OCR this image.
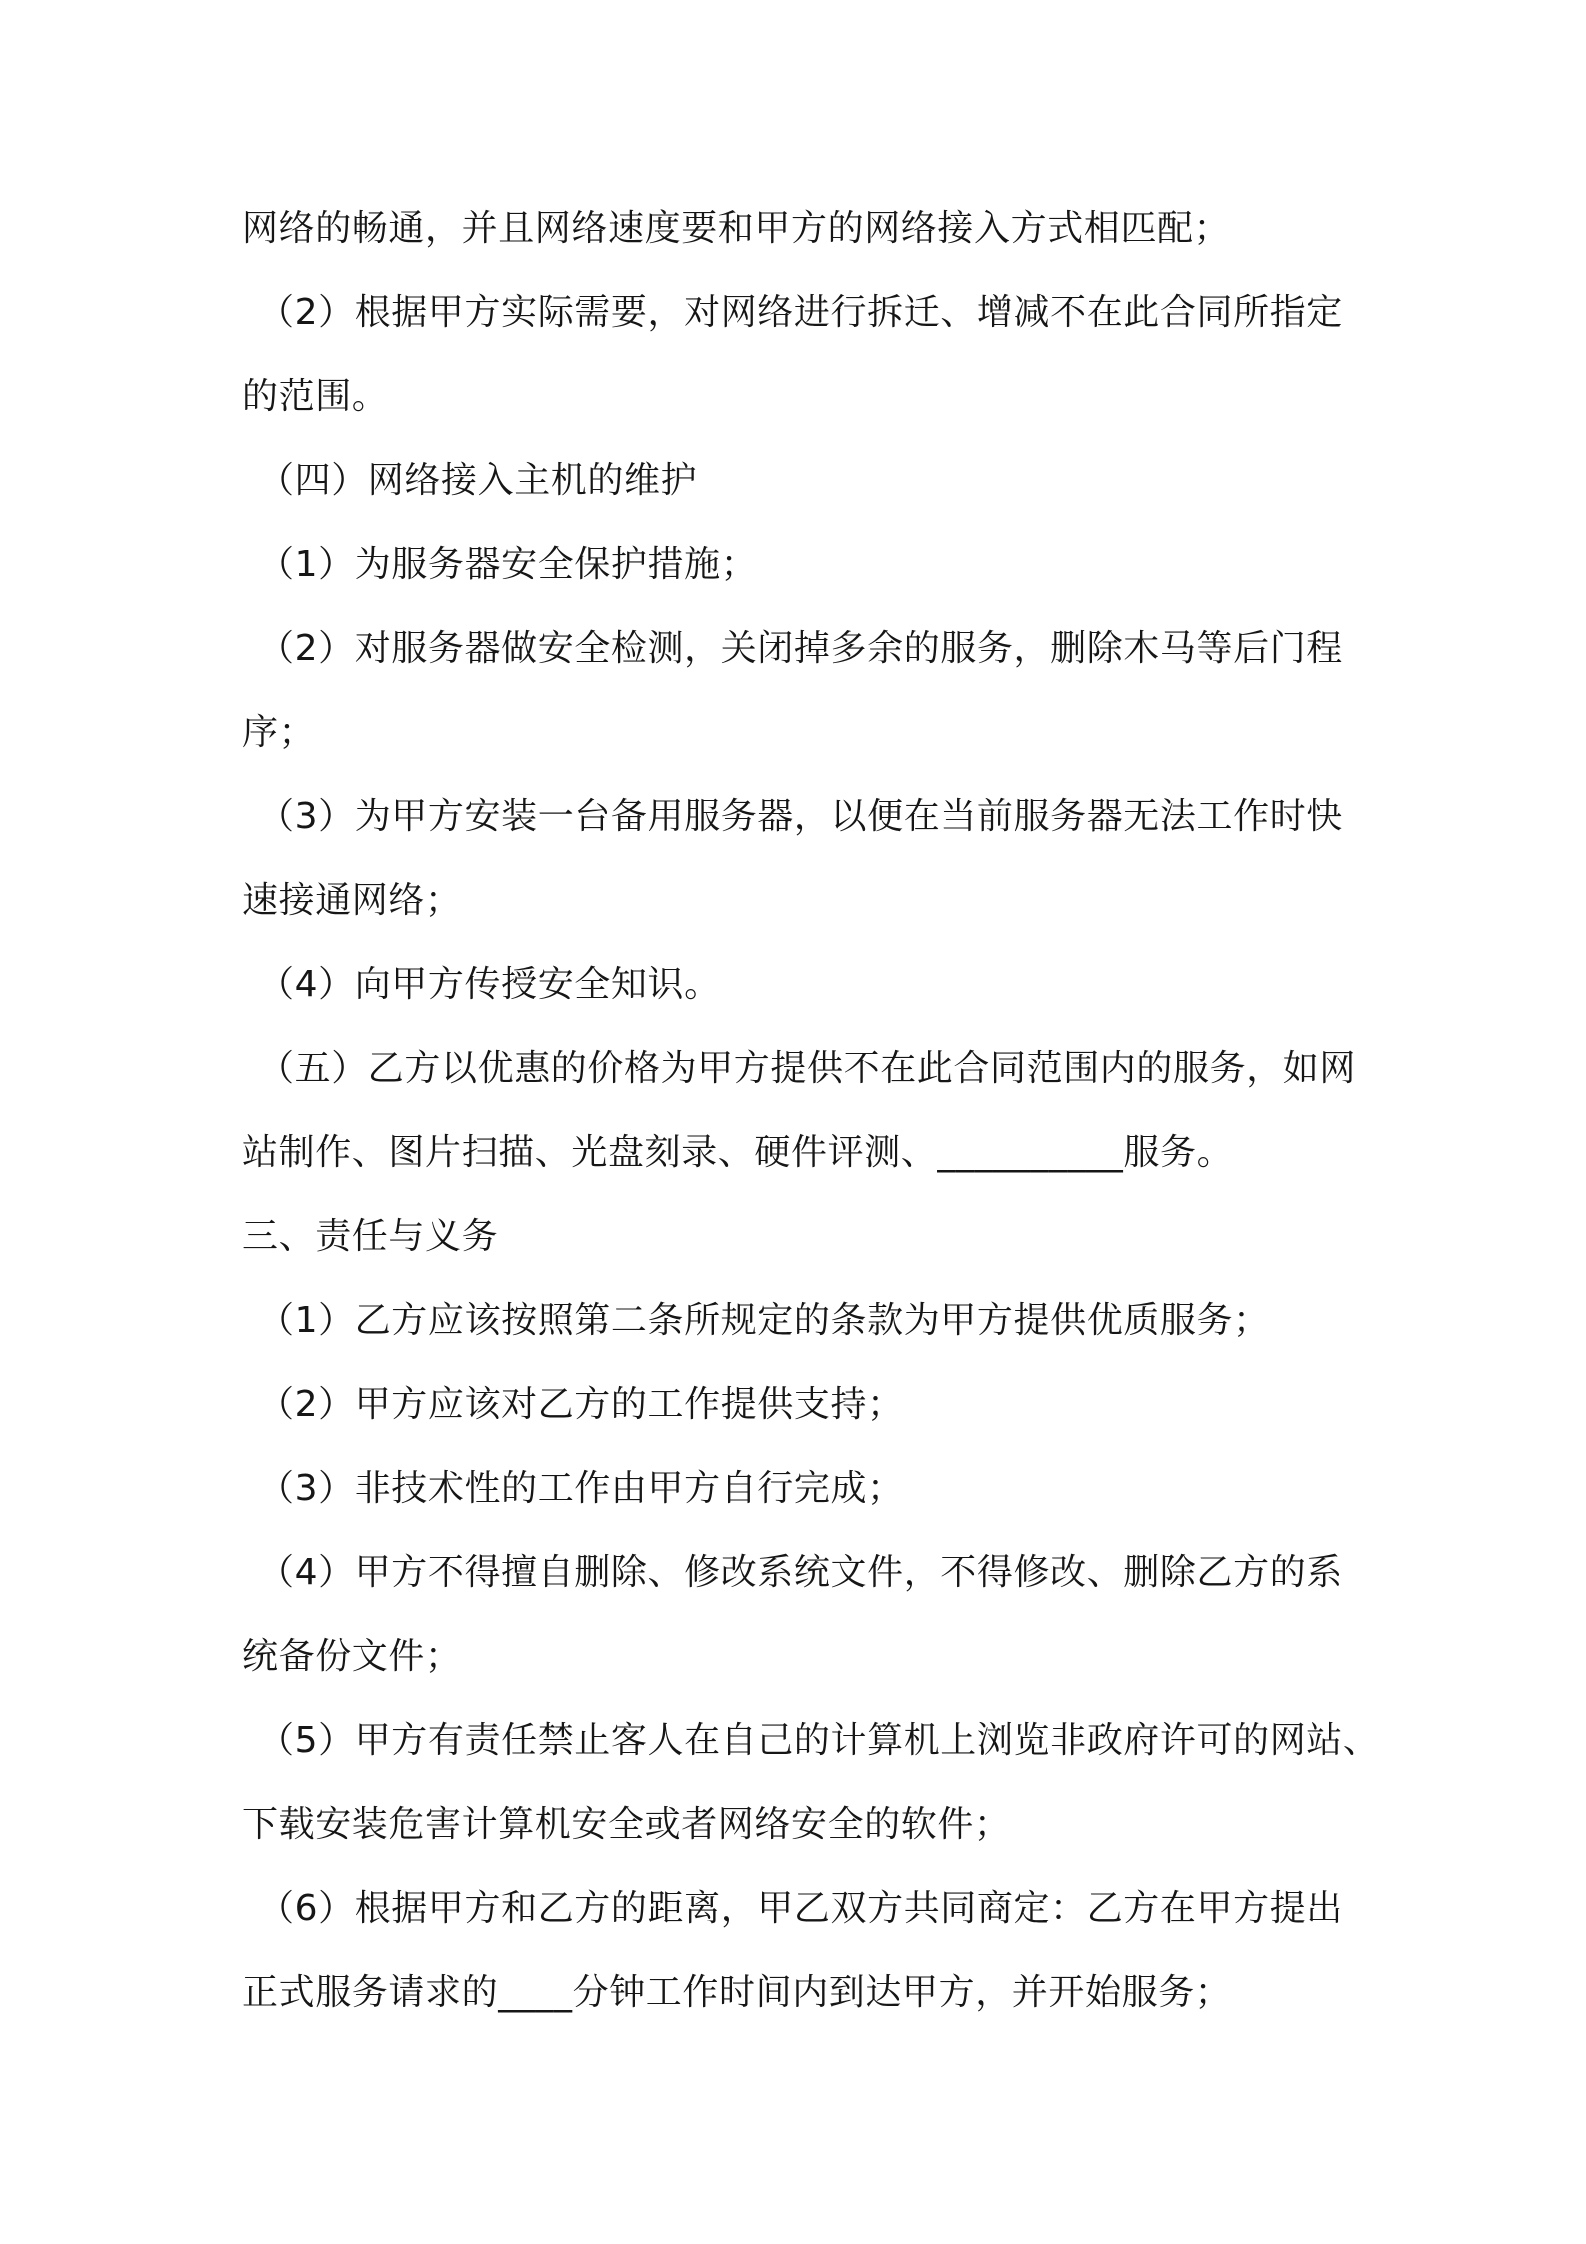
网络的畅通，并且网络速度要和甲方的网络接入方式相匹配；
（2）根据甲方实际需要，对网络进行拆迁、增减不在此合同所指定
的范围。
（四）网络接入主机的维护
（1）为服务器安全保护措施；
（2）对服务器做安全检测，关闭掉多余的服务，删除木马等后门程
序；
（3）为甲方安装一台备用服务器，以便在当前服务器无法工作时快
速接通网络；
（4）向甲方传授安全知识。
（五）乙方以优惠的价格为甲方提供不在此合同范围内的服务，如网
站制作、图片扫描、光盘刻录、硬件评测、__________服务。
三、责任与义务
（1）乙方应该按照第二条所规定的条款为甲方提供优质服务；
（2）甲方应该对乙方的工作提供支持；
（3）非技术性的工作由甲方自行完成；
（4）甲方不得擅自删除、修改系统文件，不得修改、删除乙方的系
统备份文件；
（5）甲方有责任禁止客人在自己的计算机上浏览非政府许可的网站、
下载安装危害计算机安全或者网络安全的软件；
（6）根据甲方和乙方的距离，甲乙双方共同商定：乙方在甲方提出
正式服务请求的____分钟工作时间内到达甲方，并开始服务；
